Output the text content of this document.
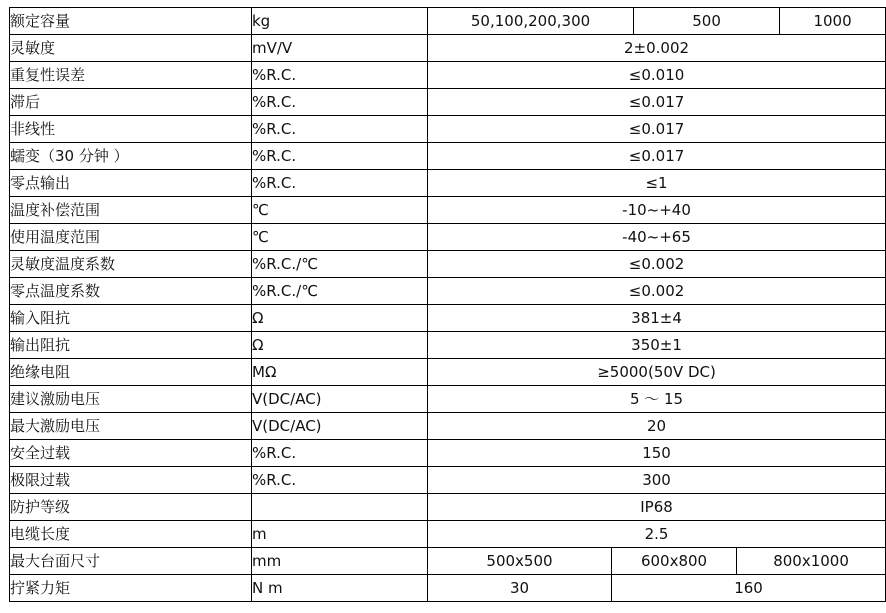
额定容量	kg	50,100,200,300		500		1000
灵敏度	mV/V	2±0.002				
重复性误差	%R.C.	≤0.010				
滞后	%R.C.	≤0.017				
非线性	%R.C.	≤0.017				
蠕变（30 分钟 ）	%R.C.	≤0.017				
零点输出	%R.C.	≤1				
温度补偿范围	℃	-10~+40				
使用温度范围	℃	-40~+65				
灵敏度温度系数	%R.C./℃	≤0.002				
零点温度系数	%R.C./℃	≤0.002				
输入阻抗	Ω	381±4				
输出阻抗	Ω	350±1				
绝缘电阻	MΩ	≥5000(50V DC)				
建议激励电压	V(DC/AC)	5 ～ 15				
最大激励电压	V(DC/AC)	20				
安全过载	%R.C.	150				
极限过载	%R.C.	300				
防护等级		IP68				
电缆长度	m	2.5				
最大台面尺寸	mm	500x500	600x800		800x1000	
拧紧力矩	N m	30	160			
